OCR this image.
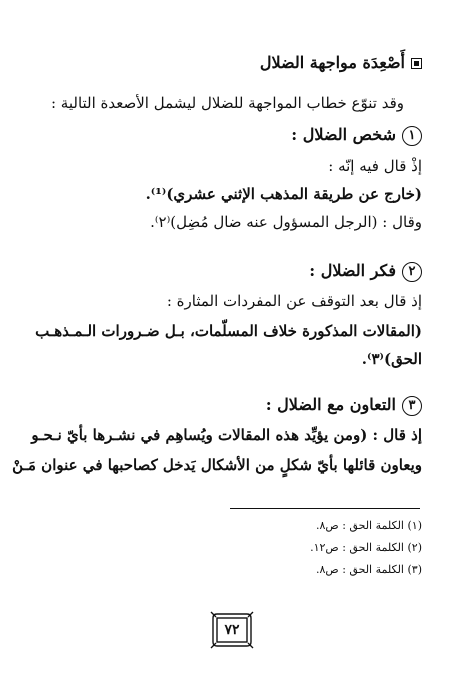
أَصْعِدَة مواجهة الضلال
وقد تنوّع خطاب المواجهة للضلال ليشمل الأصعدة التالية :
١شخص الضلال :
إذْ قال فيه إنّه :
(خارج عن طريقة المذهب الإثني عشري)⁽¹⁾.
وقال : (الرجل المسؤول عنه ضال مُضِل)⁽٢⁾.
٢فكر الضلال :
إذ قال بعد التوقف عن المفردات المثارة :
(المقالات المذكورة خلاف المسلّمات، بـل ضـرورات الـمـذهـب
الحق)⁽٣⁾.
٣التعاون مع الضلال :
إذ قال : (ومن يؤيِّد هذه المقالات ويُساهِم في نشـرها بأيّ نـحـو
ويعاون قائلها بأيّ شكلٍ من الأشكال يَدخل كصاحبها في عنوان مَـنْ
(١) الكلمة الحق : ص٨.
(٢) الكلمة الحق : ص١٢.
(٣) الكلمة الحق : ص٨.
٧٢
